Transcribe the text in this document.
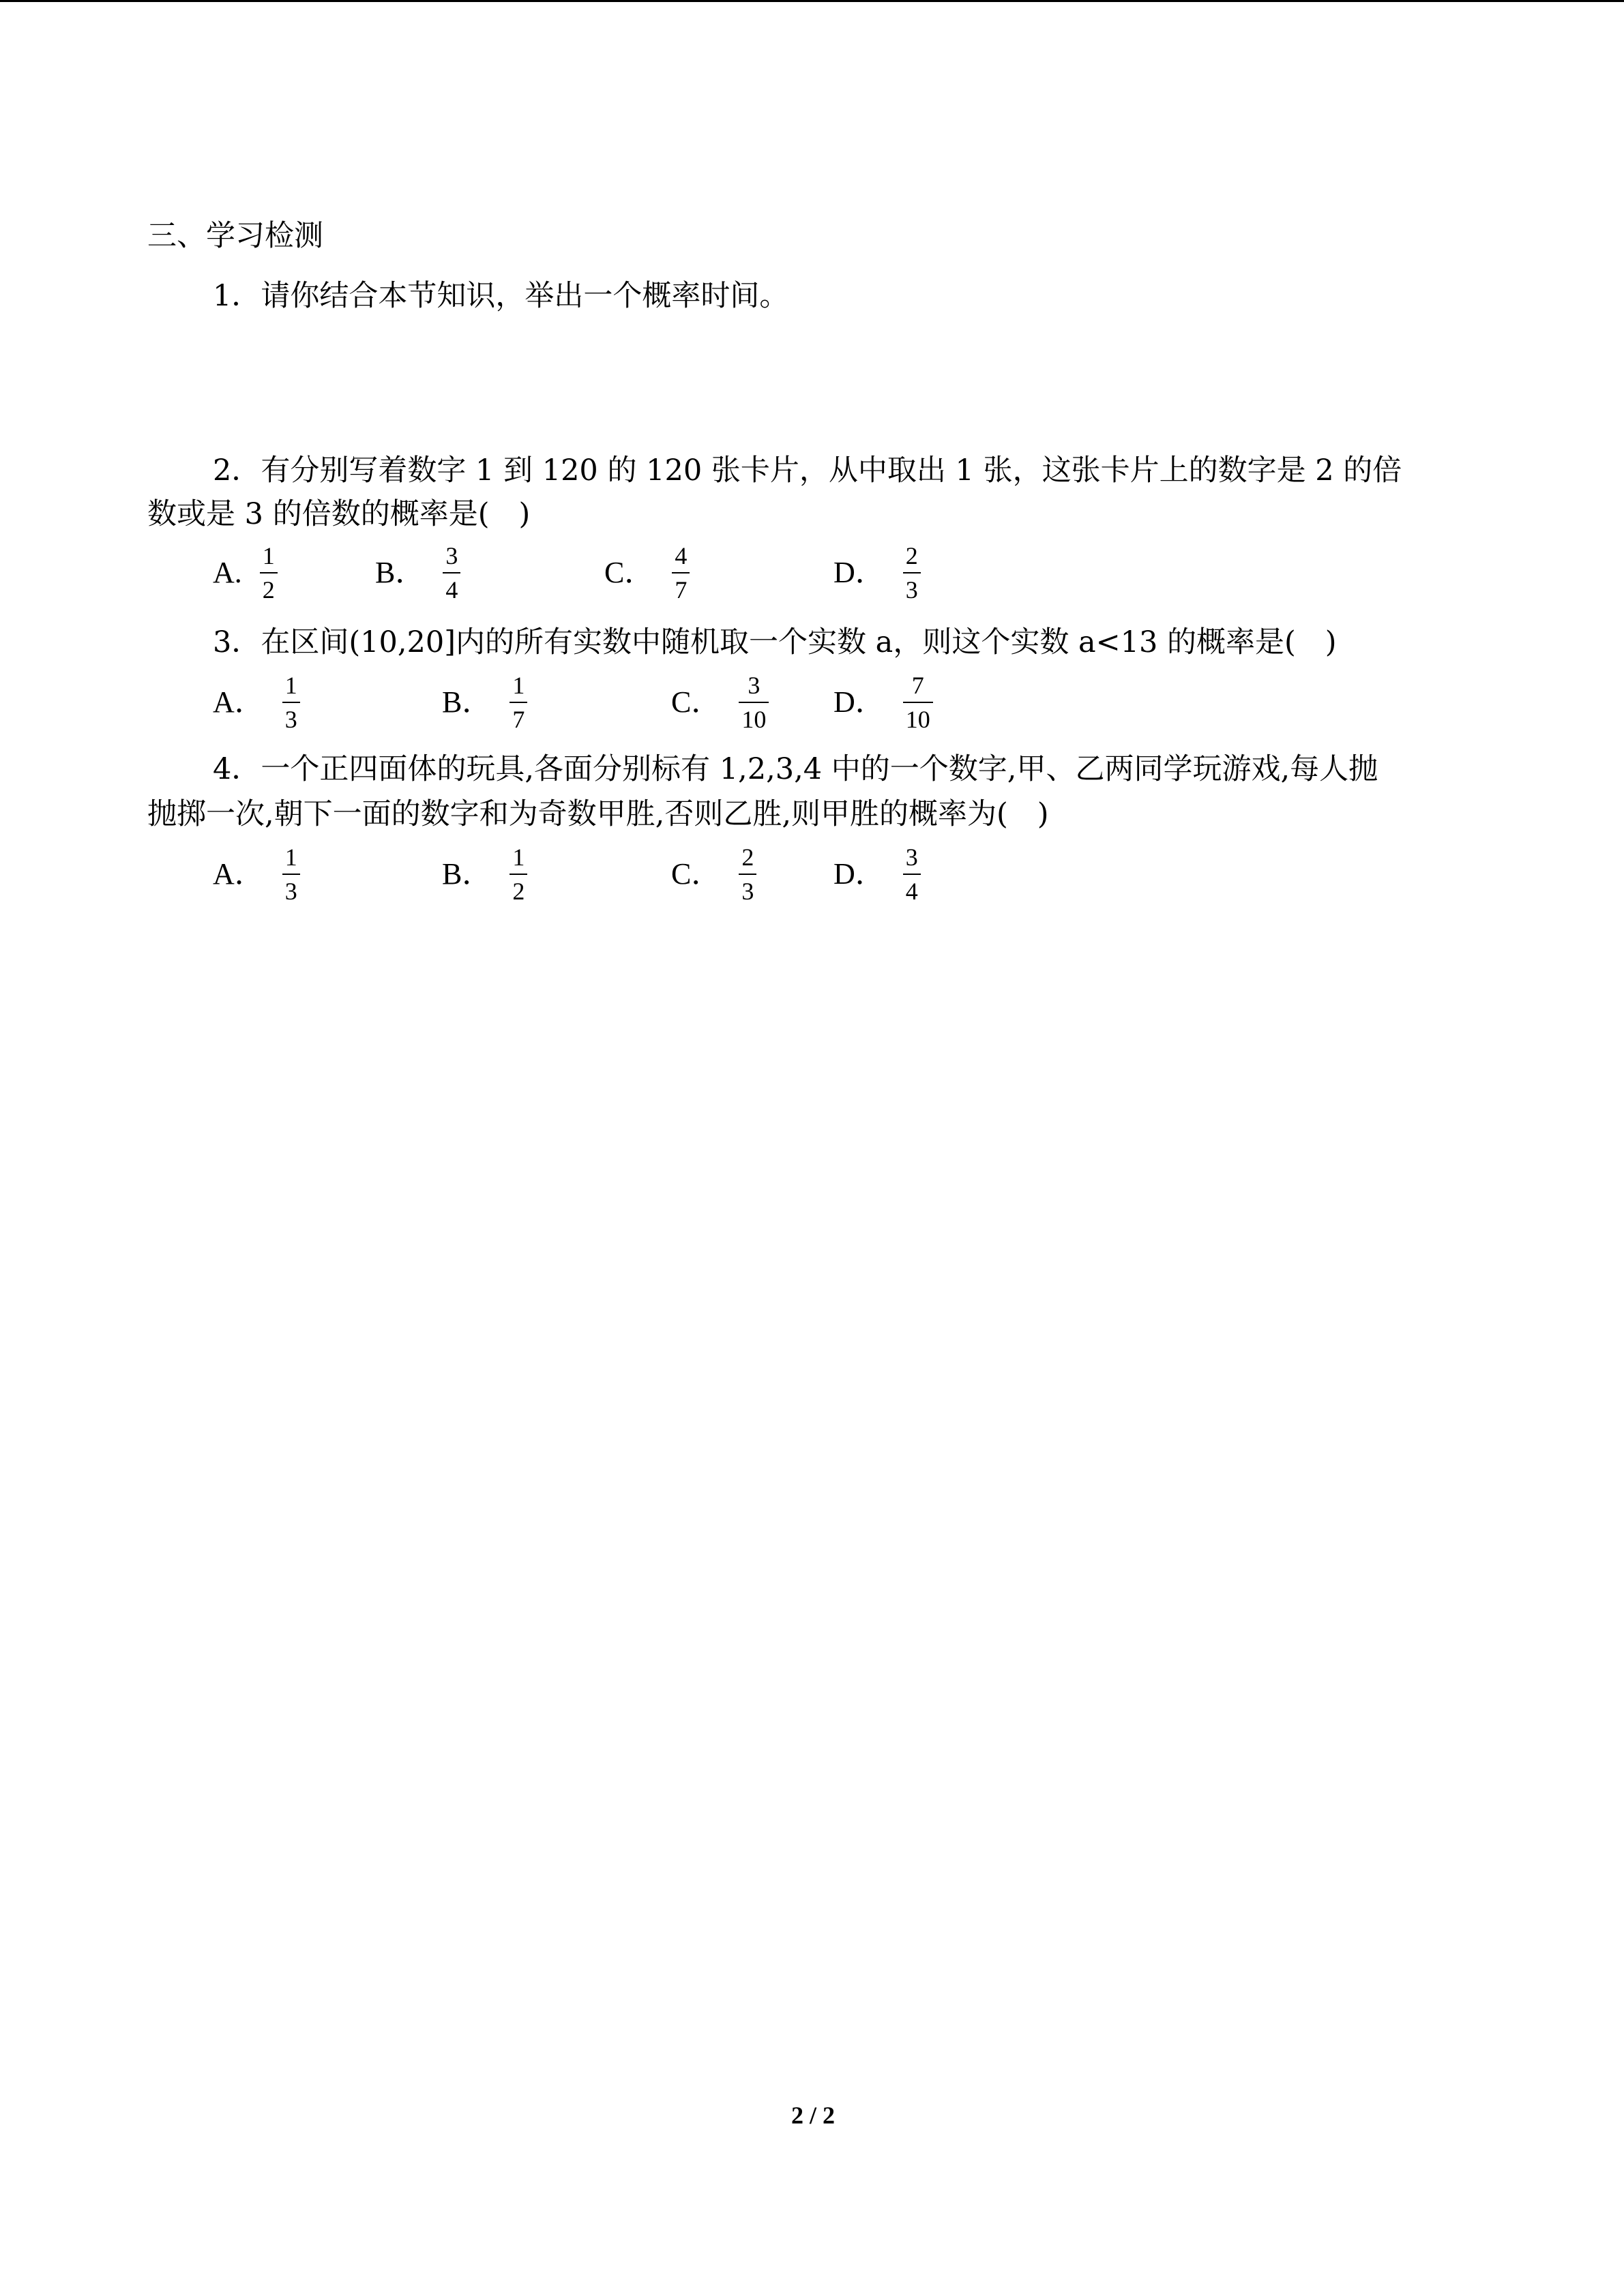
三、学习检测
1．请你结合本节知识，举出一个概率时间。
2．有分别写着数字 1 到 120 的 120 张卡片，从中取出 1 张，这张卡片上的数字是 2 的倍
数或是 3 的倍数的概率是(　)
A. $\frac{1}{2}$	B． $\frac{3}{4}$	C． $\frac{4}{7}$	D． $\frac{2}{3}$
3．在区间(10,20]内的所有实数中随机取一个实数 a，则这个实数 a<13 的概率是(　)
A． $\frac{1}{3}$	B． $\frac{1}{7}$	C． $\frac{3}{10}$ D． $\frac{7}{10}$
4．一个正四面体的玩具,各面分别标有 1,2,3,4 中的一个数字,甲、乙两同学玩游戏,每人抛
抛掷一次,朝下一面的数字和为奇数甲胜,否则乙胜,则甲胜的概率为(　)
A． $\frac{1}{3}$	B． $\frac{1}{2}$	C． $\frac{2}{3}$	D． $\frac{3}{4}$
2 / 2
